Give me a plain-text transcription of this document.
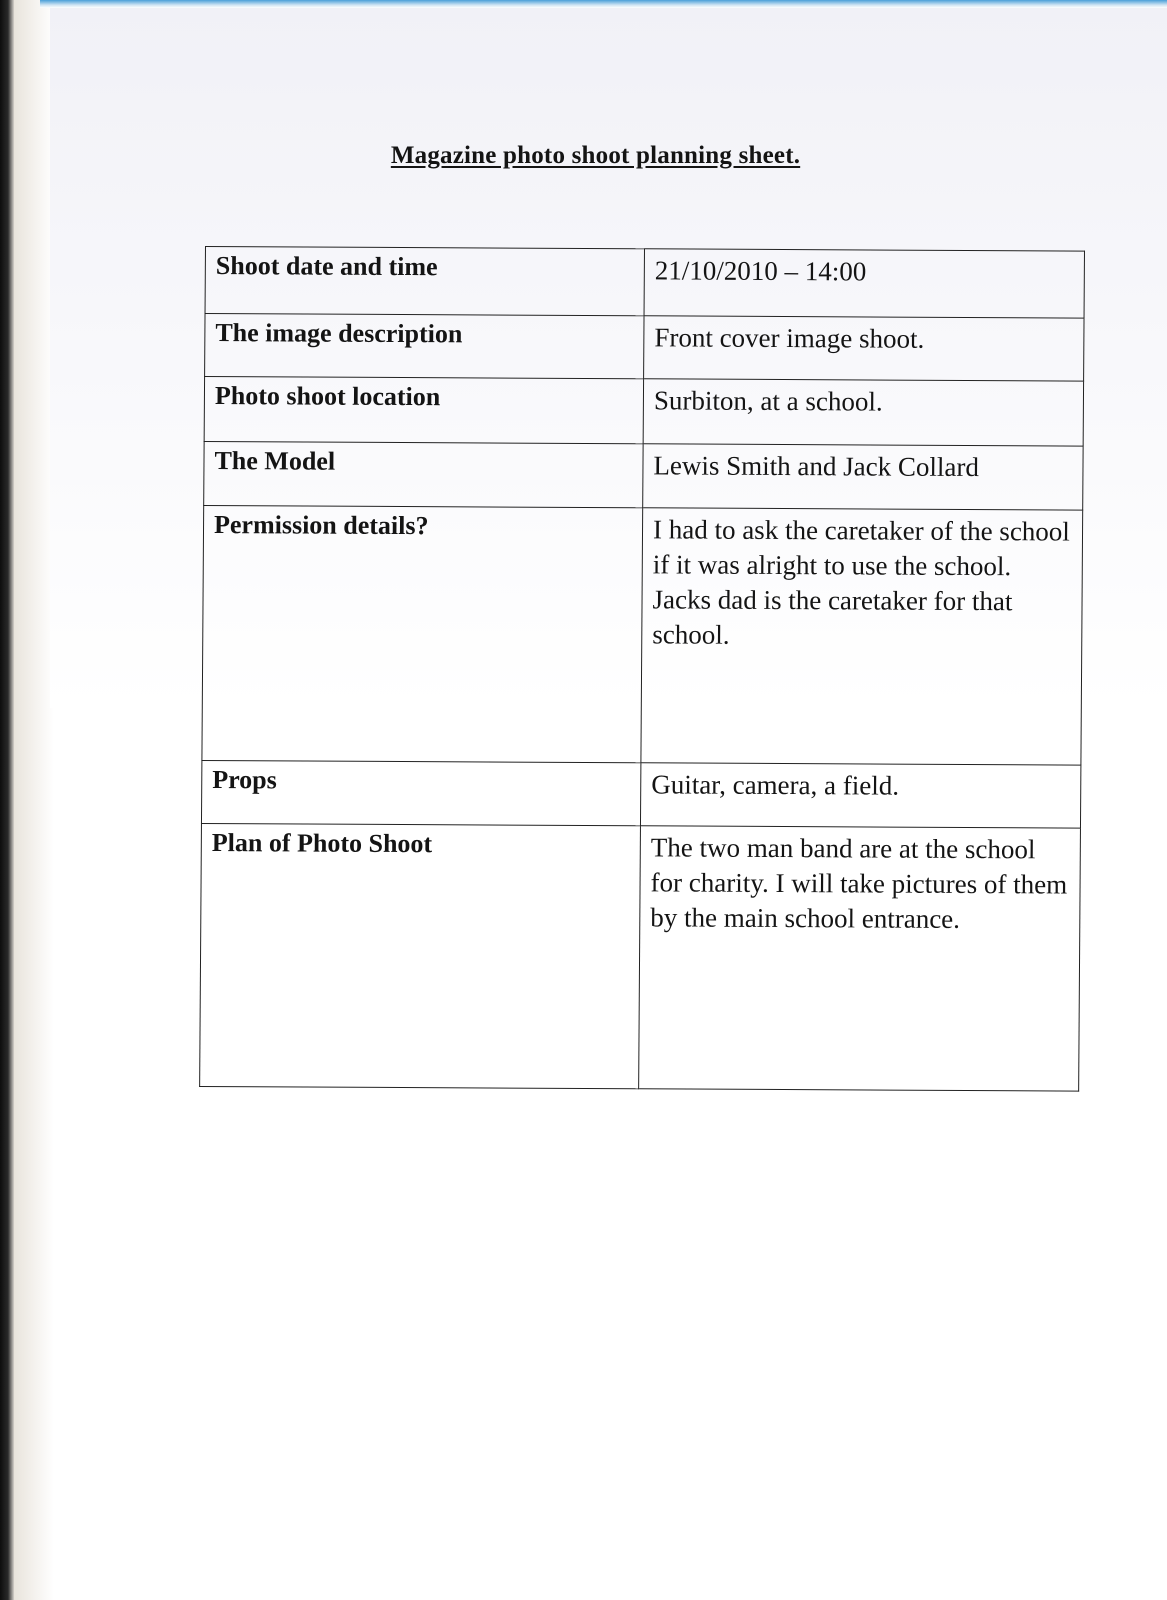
Magazine photo shoot planning sheet.
Shoot date and time	21/10/2010 – 14:00
The image description	Front cover image shoot.
Photo shoot location	Surbiton, at a school.
The Model	Lewis Smith and Jack Collard
Permission details?	I had to ask the caretaker of the school if it was alright to use the school. Jacks dad is the caretaker for that school.
Props	Guitar, camera, a field.
Plan of Photo Shoot	The two man band are at the school for charity. I will take pictures of them by the main school entrance.
